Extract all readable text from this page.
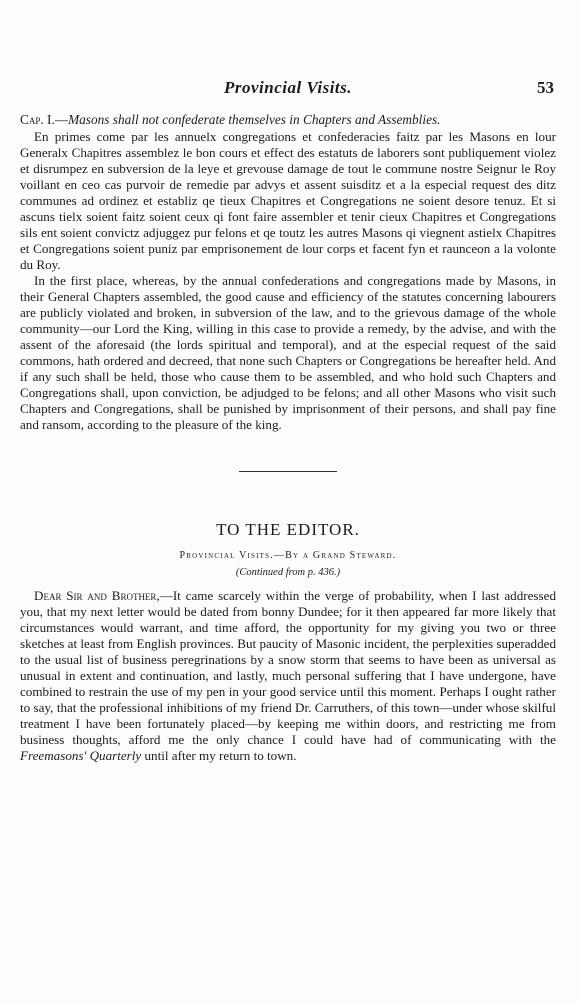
Provincial Visits.	53

Cap. I.—Masons shall not confederate themselves in Chapters and Assemblies.

En primes come par les annuelx congregations et confederacies faitz par les Masons en lour Generalx Chapitres assemblez le bon cours et effect des estatuts de laborers sont publiquement violez et disrumpez en subversion de la leye et grevouse damage de tout le commune nostre Seignur le Roy voillant en ceo cas purvoir de remedie par advys et assent suisditz et a la especial request des ditz communes ad ordinez et establiz qe tieux Chapitres et Congregations ne soient desore tenuz. Et si ascuns tielx soient faitz soient ceux qi font faire assembler et tenir cieux Chapitres et Congregations sils ent soient convictz adjuggez pur felons et qe toutz les autres Masons qi viegnent astielx Chapitres et Congregations soient puniz par emprisonement de lour corps et facent fyn et raunceon a la volonte du Roy.

In the first place, whereas, by the annual confederations and congregations made by Masons, in their General Chapters assembled, the good cause and efficiency of the statutes concerning labourers are publicly violated and broken, in subversion of the law, and to the grievous damage of the whole community—our Lord the King, willing in this case to provide a remedy, by the advise, and with the assent of the aforesaid (the lords spiritual and temporal), and at the especial request of the said commons, hath ordered and decreed, that none such Chapters or Congregations be hereafter held. And if any such shall be held, those who cause them to be assembled, and who hold such Chapters and Congregations shall, upon conviction, be adjudged to be felons; and all other Masons who visit such Chapters and Congregations, shall be punished by imprisonment of their persons, and shall pay fine and ransom, according to the pleasure of the king.

TO THE EDITOR.
Provincial Visits.—By a Grand Steward.
(Continued from p. 436.)

Dear Sir and Brother,—It came scarcely within the verge of probability, when I last addressed you, that my next letter would be dated from bonny Dundee; for it then appeared far more likely that circumstances would warrant, and time afford, the opportunity for my giving you two or three sketches at least from English provinces. But paucity of Masonic incident, the perplexities superadded to the usual list of business peregrinations by a snow storm that seems to have been as universal as unusual in extent and continuation, and lastly, much personal suffering that I have undergone, have combined to restrain the use of my pen in your good service until this moment. Perhaps I ought rather to say, that the professional inhibitions of my friend Dr. Carruthers, of this town—under whose skilful treatment I have been fortunately placed—by keeping me within doors, and restricting me from business thoughts, afford me the only chance I could have had of communicating with the Freemasons' Quarterly until after my return to town.
